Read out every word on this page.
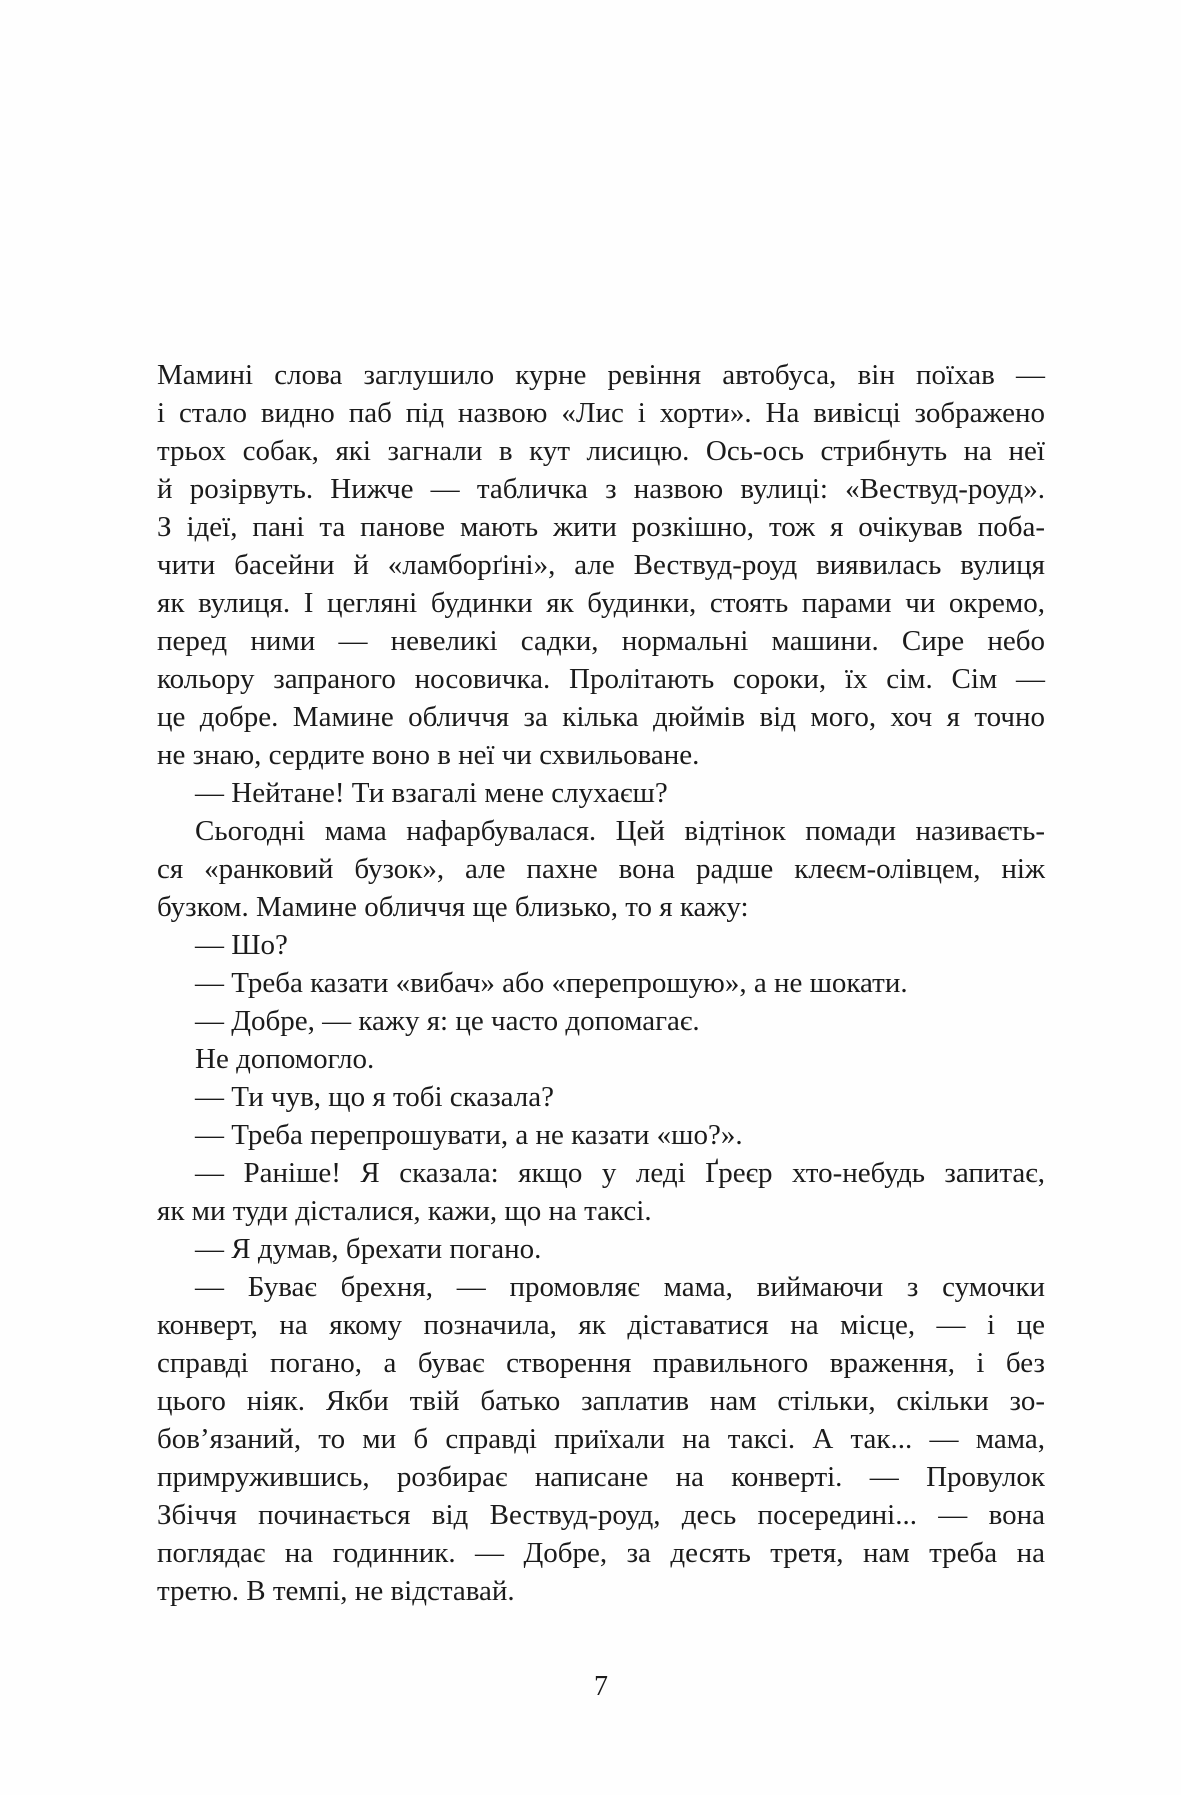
Мамині слова заглушило курне ревіння автобуса, він поїхав —
і стало видно паб під назвою «Лис і хорти». На вивісці зображено
трьох собак, які загнали в кут лисицю. Ось-ось стрибнуть на неї
й розірвуть. Нижче — табличка з назвою вулиці: «Вествуд-роуд».
З ідеї, пані та панове мають жити розкішно, тож я очікував поба-
чити басейни й «ламборґіні», але Вествуд-роуд виявилась вулиця
як вулиця. І цегляні будинки як будинки, стоять парами чи окремо,
перед ними — невеликі садки, нормальні машини. Сире небо
кольору запраного носовичка. Пролітають сороки, їх сім. Сім —
це добре. Мамине обличчя за кілька дюймів від мого, хоч я точно
не знаю, сердите воно в неї чи схвильоване.
— Нейтане! Ти взагалі мене слухаєш?
Сьогодні мама нафарбувалася. Цей відтінок помади називаєть-
ся «ранковий бузок», але пахне вона радше клеєм-олівцем, ніж
бузком. Мамине обличчя ще близько, то я кажу:
— Шо?
— Треба казати «вибач» або «перепрошую», а не шокати.
— Добре, — кажу я: це часто допомагає.
Не допомогло.
— Ти чув, що я тобі сказала?
— Треба перепрошувати, а не казати «шо?».
— Раніше! Я сказала: якщо у леді Ґреєр хто-небудь запитає,
як ми туди дісталися, кажи, що на таксі.
— Я думав, брехати погано.
— Буває брехня, — промовляє мама, виймаючи з сумочки
конверт, на якому позначила, як діставатися на місце, — і це
справді погано, а буває створення правильного враження, і без
цього ніяк. Якби твій батько заплатив нам стільки, скільки зо-
бов’язаний, то ми б справді приїхали на таксі. А так... — мама,
примружившись, розбирає написане на конверті. — Провулок
Збіччя починається від Вествуд-роуд, десь посередині... — вона
поглядає на годинник. — Добре, за десять третя, нам треба на
третю. В темпі, не відставай.
7
